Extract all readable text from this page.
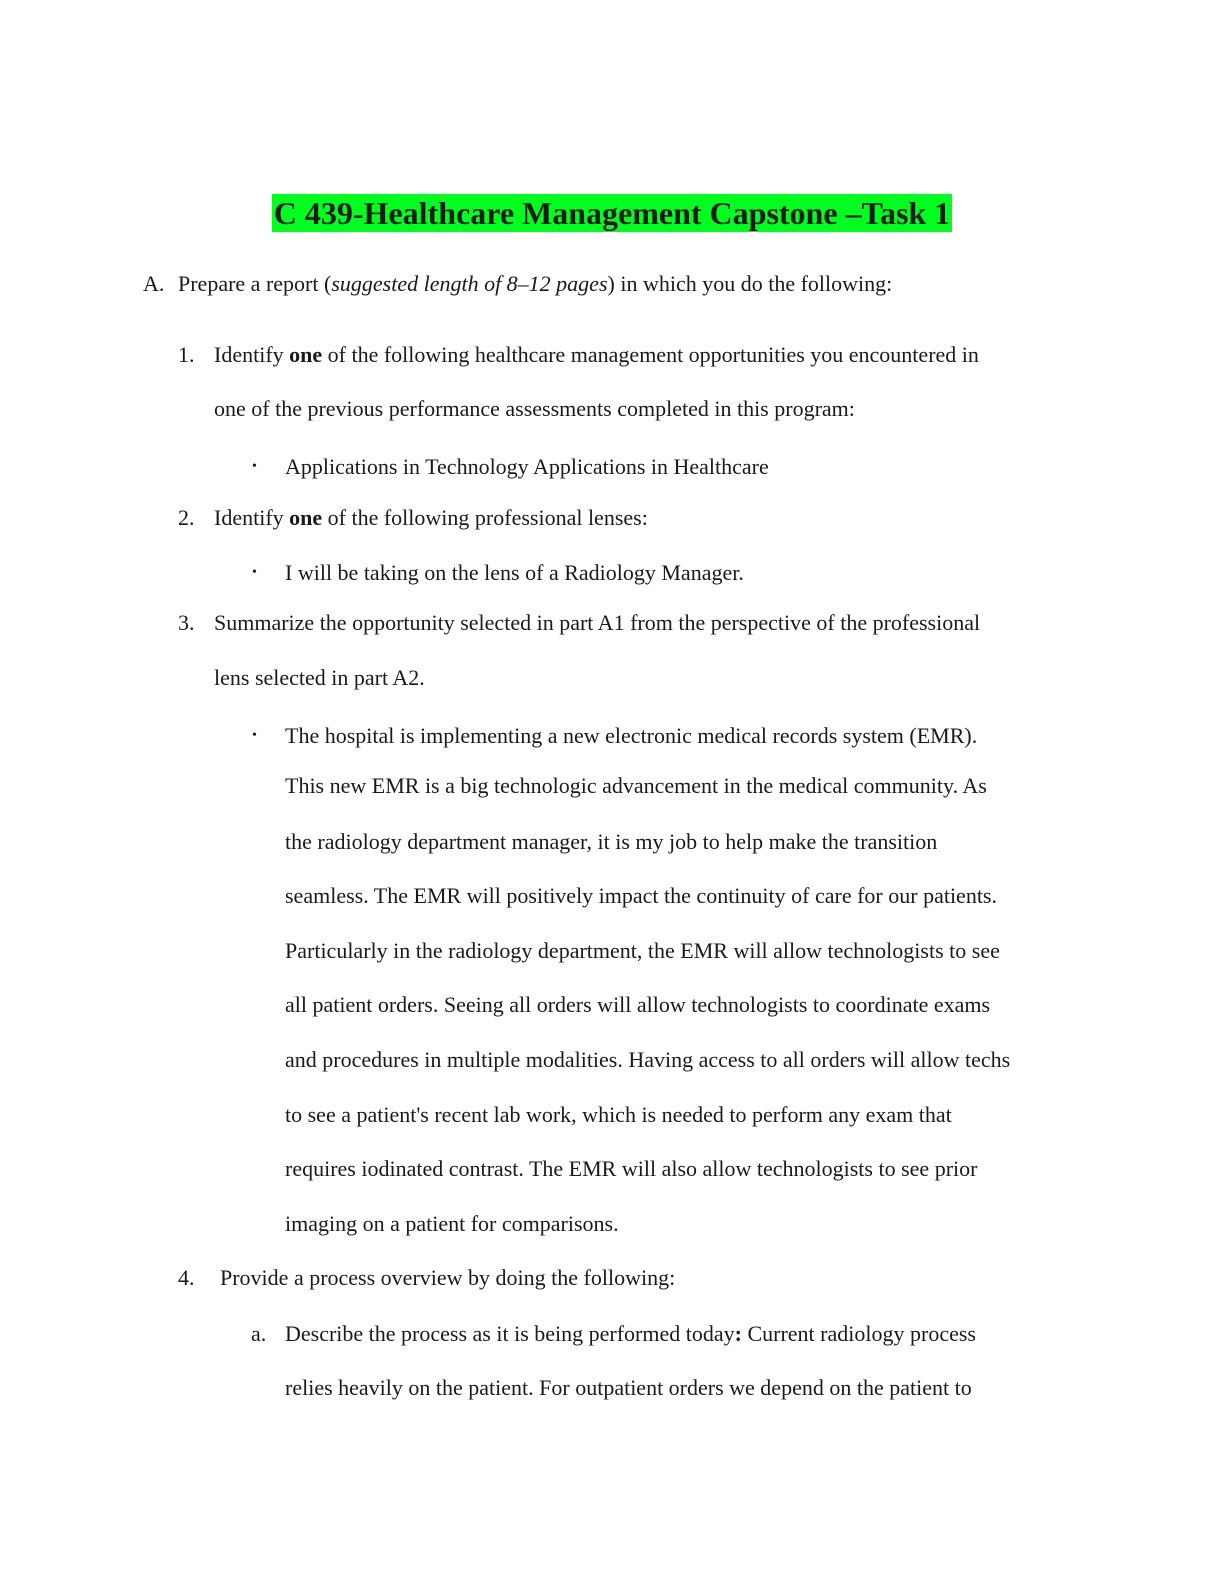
C 439-Healthcare Management Capstone –Task 1
A. Prepare a report (suggested length of 8–12 pages) in which you do the following:
1. Identify one of the following healthcare management opportunities you encountered in
one of the previous performance assessments completed in this program:
• Applications in Technology Applications in Healthcare
2. Identify one of the following professional lenses:
• I will be taking on the lens of a Radiology Manager.
3. Summarize the opportunity selected in part A1 from the perspective of the professional
lens selected in part A2.
• The hospital is implementing a new electronic medical records system (EMR).
This new EMR is a big technologic advancement in the medical community. As
the radiology department manager, it is my job to help make the transition
seamless. The EMR will positively impact the continuity of care for our patients.
Particularly in the radiology department, the EMR will allow technologists to see
all patient orders. Seeing all orders will allow technologists to coordinate exams
and procedures in multiple modalities. Having access to all orders will allow techs
to see a patient's recent lab work, which is needed to perform any exam that
requires iodinated contrast. The EMR will also allow technologists to see prior
imaging on a patient for comparisons.
4. Provide a process overview by doing the following:
a. Describe the process as it is being performed today: Current radiology process
relies heavily on the patient. For outpatient orders we depend on the patient to
